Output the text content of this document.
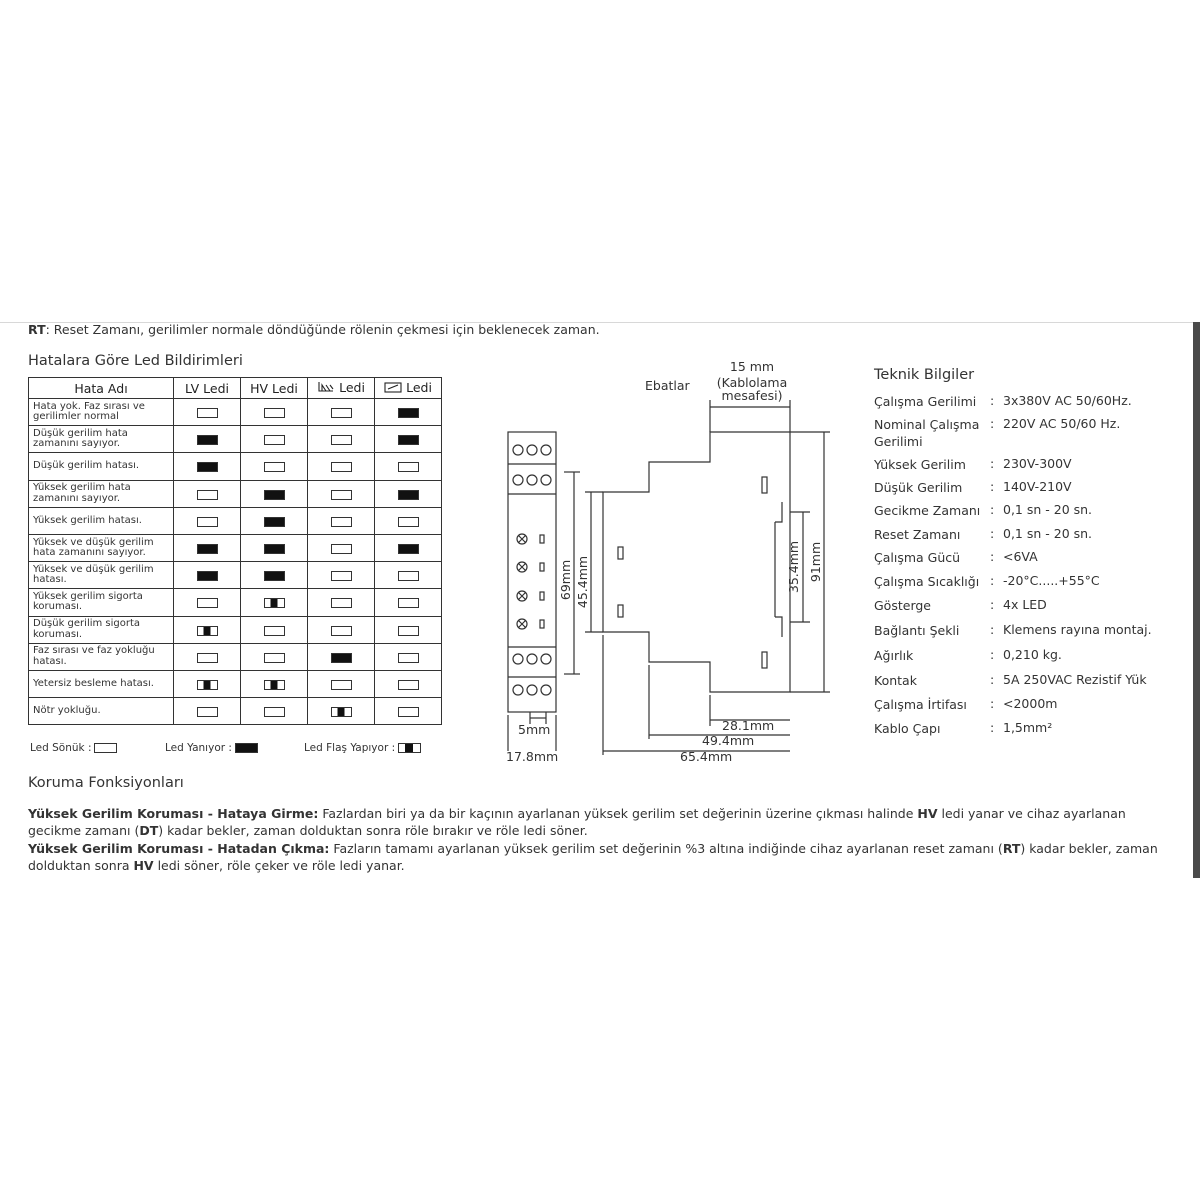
RT: Reset Zamanı, gerilimler normale döndüğünde rölenin çekmesi için beklenecek zaman.
Hatalara Göre Led Bildirimleri
Hata Adı	LV Ledi	HV Ledi	Ledi	Ledi
Hata yok. Faz sırası ve gerilimler normal				
Düşük gerilim hata zamanını sayıyor.				
Düşük gerilim hatası.				
Yüksek gerilim hata zamanını sayıyor.				
Yüksek gerilim hatası.				
Yüksek ve düşük gerilim hata zamanını sayıyor.				
Yüksek ve düşük gerilim hatası.				
Yüksek gerilim sigorta koruması.				
Düşük gerilim sigorta koruması.				
Faz sırası ve faz yokluğu hatası.				
Yetersiz besleme hatası.				
Nötr yokluğu.				
Led Sönük :	Led Yanıyor :	Led Flaş Yapıyor :
Ebatlar
15 mm
(Kablolama
mesafesi)
5mm
17.8mm
28.1mm
49.4mm
65.4mm
69mm 45.4mm	35.4mm 91mm
Teknik Bilgiler
Çalışma Gerilimi	: 3x380V AC 50/60Hz.
Nominal Çalışma Gerilimi
: 220V AC 50/60 Hz.
Yüksek Gerilim	: 230V-300V
Düşük Gerilim	: 140V-210V
Gecikme Zamanı : 0,1 sn - 20 sn.
Reset Zamanı	: 0,1 sn - 20 sn.
Çalışma Gücü	: <6VA
Çalışma Sıcaklığı : -20°C.....+55°C
Gösterge	: 4x LED
Bağlantı Şekli	: Klemens rayına montaj.
Ağırlık	: 0,210 kg.
Kontak	: 5A 250VAC Rezistif Yük
Çalışma İrtifası	: <2000m
Kablo Çapı	: 1,5mm²
Koruma Fonksiyonları
Yüksek Gerilim Koruması - Hataya Girme: Fazlardan biri ya da bir kaçının ayarlanan yüksek gerilim set değerinin üzerine çıkması halinde HV ledi yanar ve cihaz ayarlanan gecikme zamanı (DT) kadar bekler, zaman dolduktan sonra röle bırakır ve röle ledi söner.
Yüksek Gerilim Koruması - Hatadan Çıkma: Fazların tamamı ayarlanan yüksek gerilim set değerinin %3 altına indiğinde cihaz ayarlanan reset zamanı (RT) kadar bekler, zaman dolduktan sonra HV ledi söner, röle çeker ve röle ledi yanar.
